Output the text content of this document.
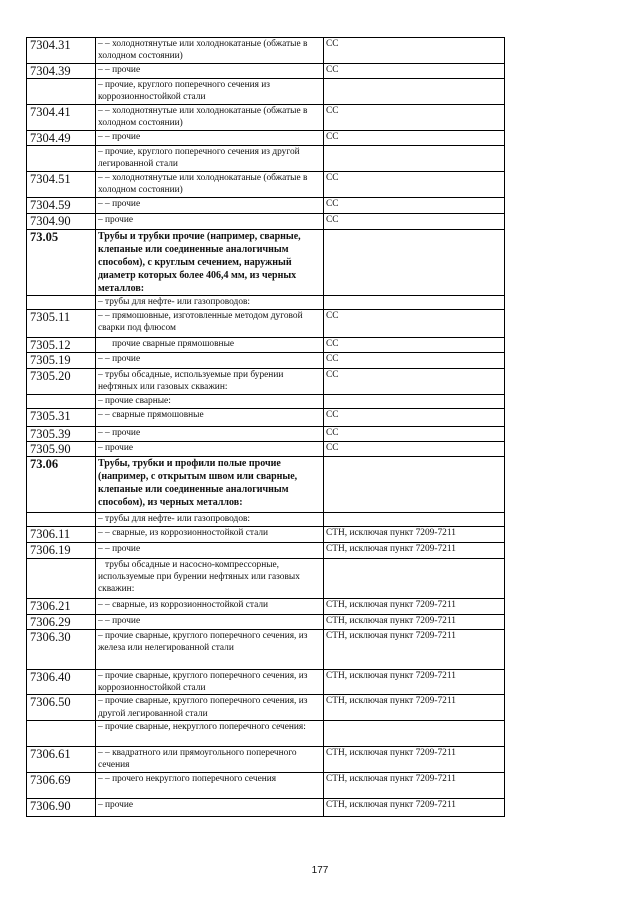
7304.31	– – холоднотянутые или холоднокатаные (обжатые в холодном состоянии)	СС
7304.39	– – прочие	СС
	– прочие, круглого поперечного сечения из коррозионностойкой стали	
7304.41	– – холоднотянутые или холоднокатаные (обжатые в холодном состоянии)	СС
7304.49	– – прочие	СС
	– прочие, круглого поперечного сечения из другой легированной стали	
7304.51	– – холоднотянутые или холоднокатаные (обжатые в холодном состоянии)	СС
7304.59	– – прочие	СС
7304.90	– прочие	СС
73.05	Трубы и трубки прочие (например, сварные, клепаные или соединенные аналогичным способом), с круглым сечением, наружный диаметр которых более 406,4 мм, из черных металлов:	
	– трубы для нефте- или газопроводов:	
7305.11	– – прямошовные, изготовленные методом дуговой сварки под флюсом	СС
7305.12	прочие сварные прямошовные	СС
7305.19	– – прочие	СС
7305.20	– трубы обсадные, используемые при бурении нефтяных или газовых скважин:	СС
	– прочие сварные:	
7305.31	– – сварные прямошовные	СС
7305.39	– – прочие	СС
7305.90	– прочие	СС
73.06	Трубы, трубки и профили полые прочие (например, с открытым швом или сварные, клепаные или соединенные аналогичным способом), из черных металлов:	
	– трубы для нефте- или газопроводов:	
7306.11	– – сварные, из коррозионностойкой стали	СТН, исключая пункт 7209-7211
7306.19	– – прочие	СТН, исключая пункт 7209-7211
	трубы обсадные и насосно-компрессорные, используемые при бурении нефтяных или газовых скважин:	
7306.21	– – сварные, из коррозионностойкой стали	СТН, исключая пункт 7209-7211
7306.29	– – прочие	СТН, исключая пункт 7209-7211
7306.30	– прочие сварные, круглого поперечного сечения, из железа или нелегированной стали	СТН, исключая пункт 7209-7211
7306.40	– прочие сварные, круглого поперечного сечения, из коррозионностойкой стали	СТН, исключая пункт 7209-7211
7306.50	– прочие сварные, круглого поперечного сечения, из другой легированной стали	СТН, исключая пункт 7209-7211
	– прочие сварные, некруглого поперечного сечения:	
7306.61	– – квадратного или прямоугольного поперечного сечения	СТН, исключая пункт 7209-7211
7306.69	– – прочего некруглого поперечного сечения	СТН, исключая пункт 7209-7211
7306.90	– прочие	СТН, исключая пункт 7209-7211
177
